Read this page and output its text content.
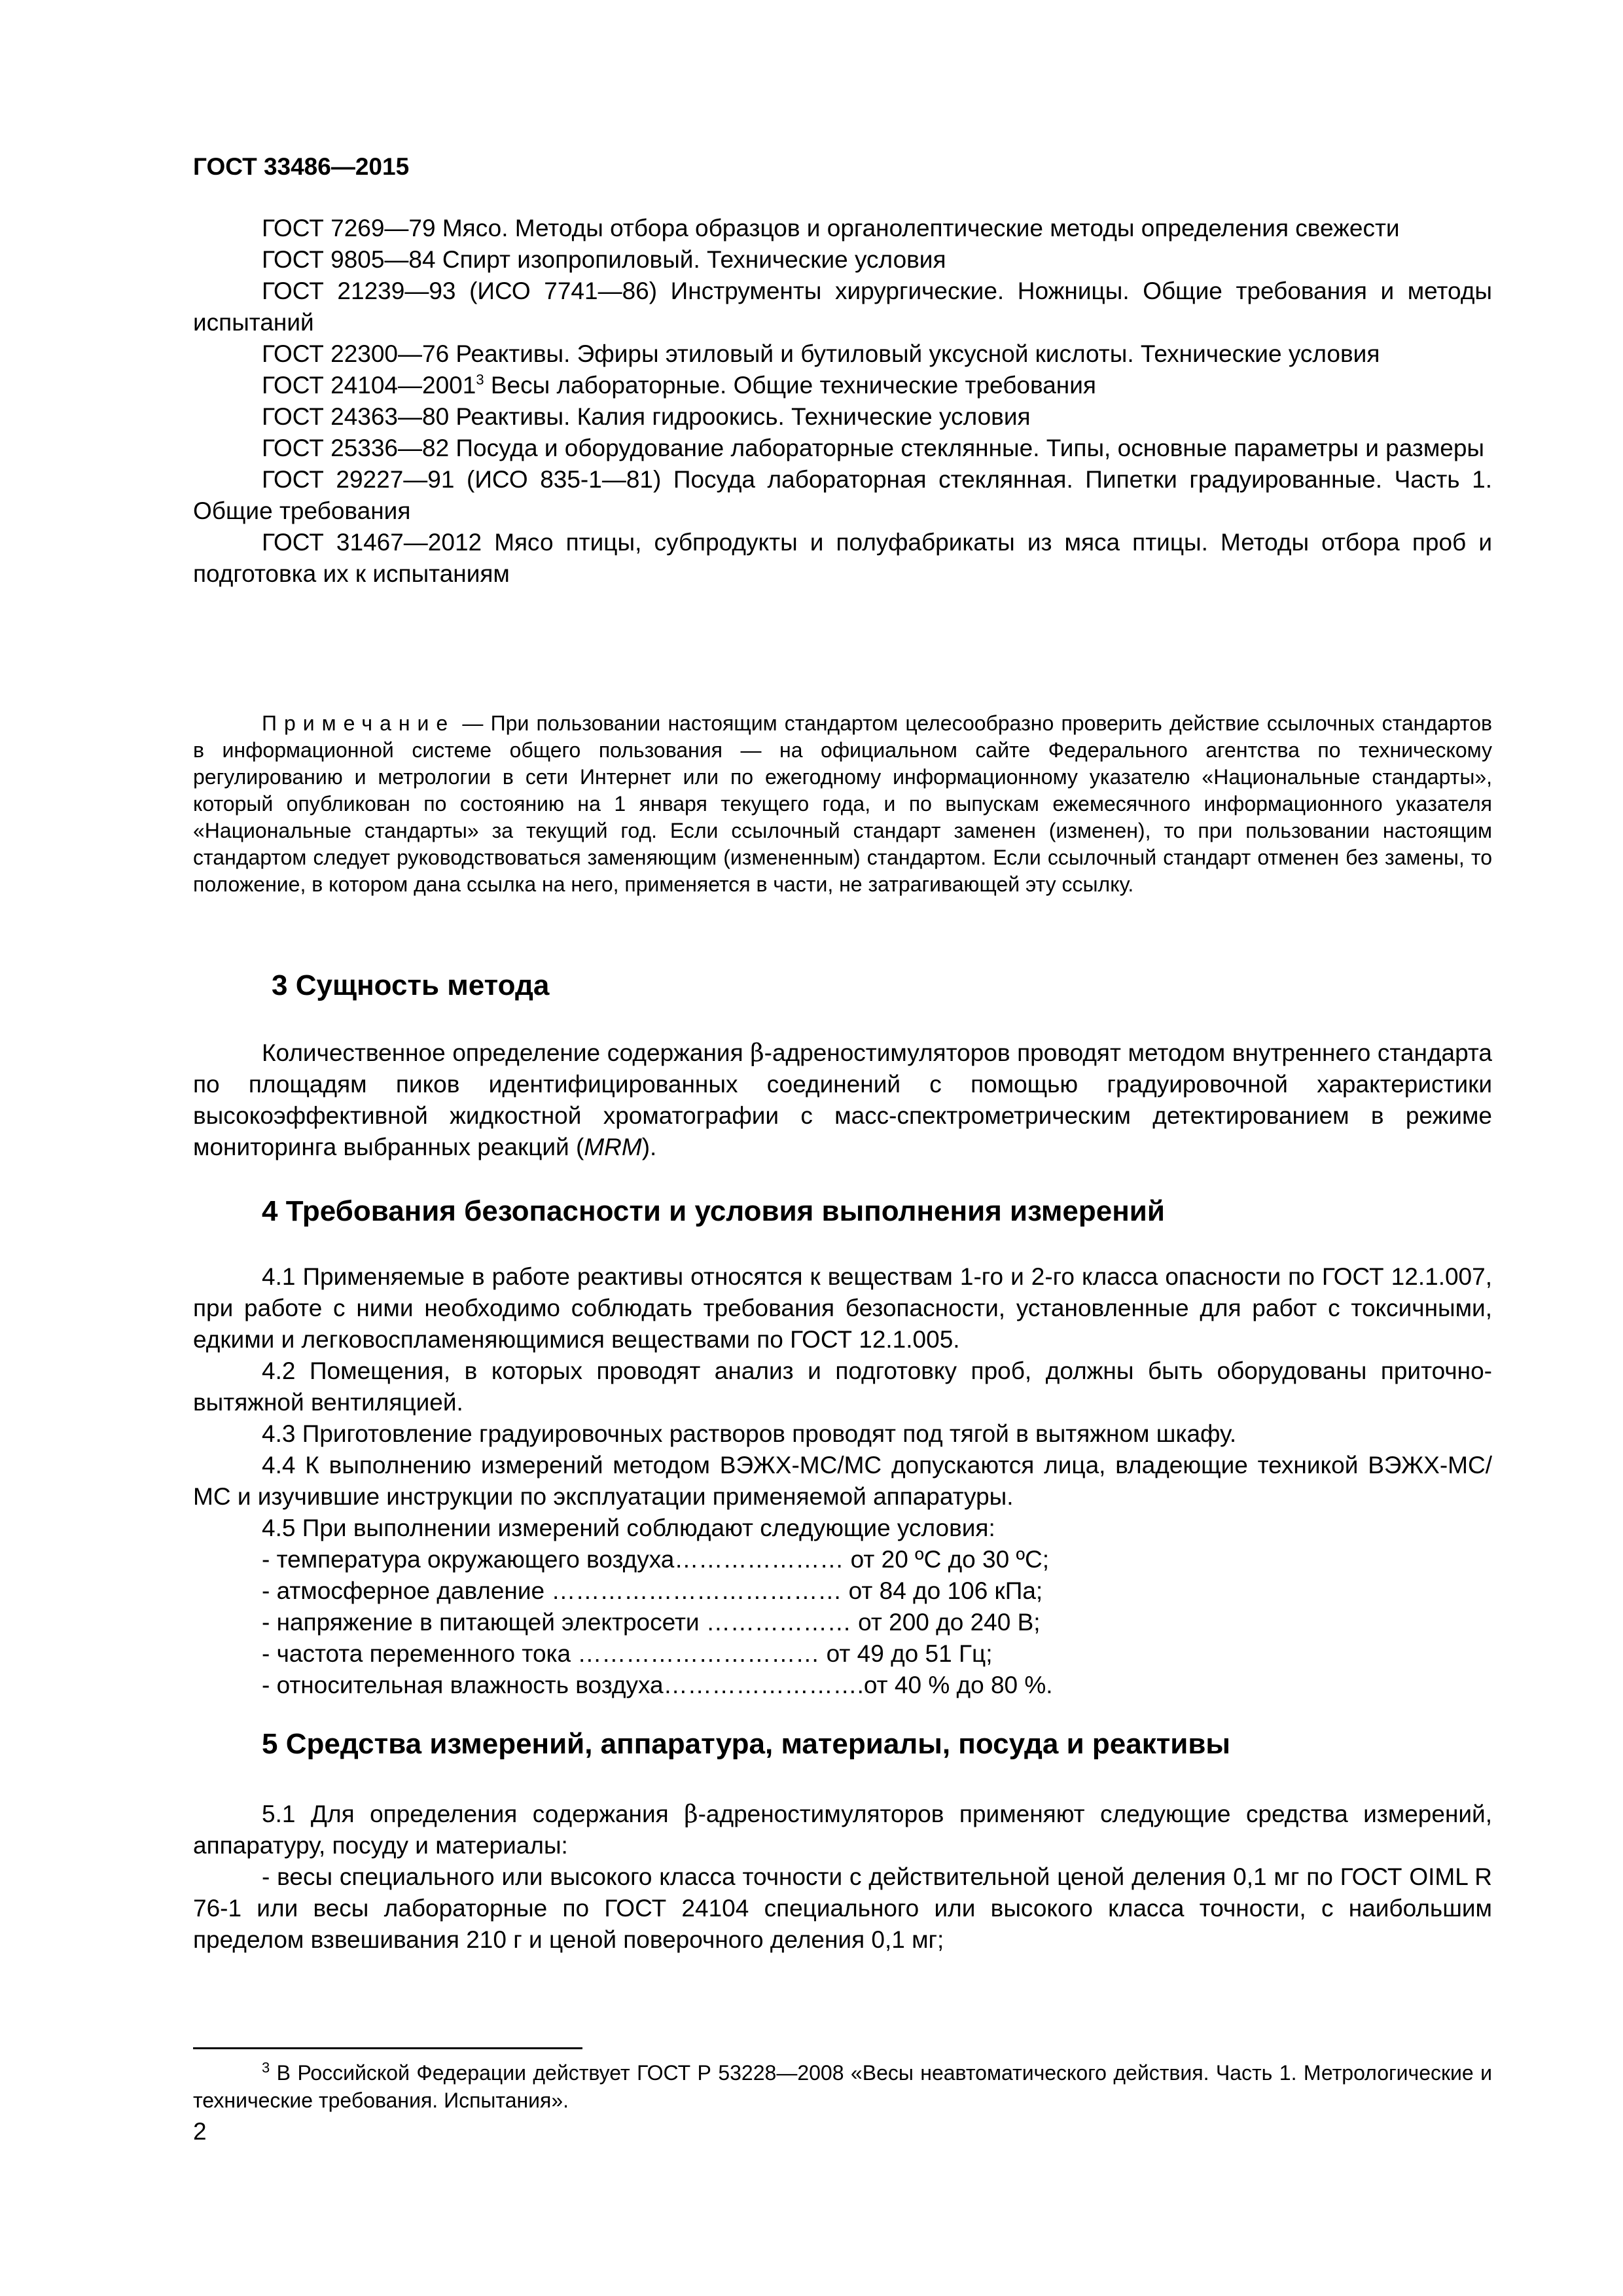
ГОСТ 33486—2015

ГОСТ 7269—79 Мясо. Методы отбора образцов и органолептические методы определения свежести

ГОСТ 9805—84 Спирт изопропиловый. Технические условия

ГОСТ 21239—93 (ИСО 7741—86) Инструменты хирургические. Ножницы. Общие требования и методы испытаний

ГОСТ 22300—76 Реактивы. Эфиры этиловый и бутиловый уксусной кислоты. Технические условия

ГОСТ 24104—2001$^3$ Весы лабораторные. Общие технические требования

ГОСТ 24363—80 Реактивы. Калия гидроокись. Технические условия

ГОСТ 25336—82 Посуда и оборудование лабораторные стеклянные. Типы, основные параметры и размеры

ГОСТ 29227—91 (ИСО 835-1—81) Посуда лабораторная стеклянная. Пипетки градуированные. Часть 1. Общие требования

ГОСТ 31467—2012 Мясо птицы, субпродукты и полуфабрикаты из мяса птицы. Методы отбора проб и подготовка их к испытаниям

Примечание — При пользовании настоящим стандартом целесообразно проверить действие ссылочных стандартов в информационной системе общего пользования — на официальном сайте Федерального агентства по техническому регулированию и метрологии в сети Интернет или по ежегодному информационному указателю «Национальные стандарты», который опубликован по состоянию на 1 января текущего года, и по выпускам ежемесячного информационного указателя «Национальные стандарты» за текущий год. Если ссылочный стандарт заменен (изменен), то при пользовании настоящим стандартом следует руководствоваться заменяющим (измененным) стандартом. Если ссылочный стандарт отменен без замены, то положение, в котором дана ссылка на него, применяется в части, не затрагивающей эту ссылку.

3 Сущность метода

Количественное определение содержания β-адреностимуляторов проводят методом внутреннего стандарта по площадям пиков идентифицированных соединений с помощью градуировочной характеристики высокоэффективной жидкостной хроматографии с масс-спектрометрическим детектированием в режиме мониторинга выбранных реакций (MRM).

4 Требования безопасности и условия выполнения измерений

4.1 Применяемые в работе реактивы относятся к веществам 1-го и 2-го класса опасности по ГОСТ 12.1.007, при работе с ними необходимо соблюдать требования безопасности, установленные для работ с токсичными, едкими и легковоспламеняющимися веществами по ГОСТ 12.1.005.

4.2 Помещения, в которых проводят анализ и подготовку проб, должны быть оборудованы приточно-вытяжной вентиляцией.

4.3 Приготовление градуировочных растворов проводят под тягой в вытяжном шкафу.

4.4 К выполнению измерений методом ВЭЖХ-МС/МС допускаются лица, владеющие техникой ВЭЖХ-МС/МС и изучившие инструкции по эксплуатации применяемой аппаратуры.

4.5 При выполнении измерений соблюдают следующие условия:

- температура окружающего воздуха………………… от 20 ºС до 30 ºС;

- атмосферное давление ……………………………… от 84 до 106 кПа;

- напряжение в питающей электросети ……………… от 200 до 240 В;

- частота переменного тока ………………………… от 49 до 51 Гц;

- относительная влажность воздуха…………………….от 40 % до 80 %.

5 Средства измерений, аппаратура, материалы, посуда и реактивы

5.1 Для определения содержания β-адреностимуляторов применяют следующие средства измерений, аппаратуру, посуду и материалы:

- весы специального или высокого класса точности с действительной ценой деления 0,1 мг по ГОСТ OIML R 76-1 или весы лабораторные по ГОСТ 24104 специального или высокого класса точности, с наибольшим пределом взвешивания 210 г и ценой поверочного деления 0,1 мг;

$^3$ В Российской Федерации действует ГОСТ Р 53228—2008 «Весы неавтоматического действия. Часть 1. Метрологические и технические требования. Испытания».

2
